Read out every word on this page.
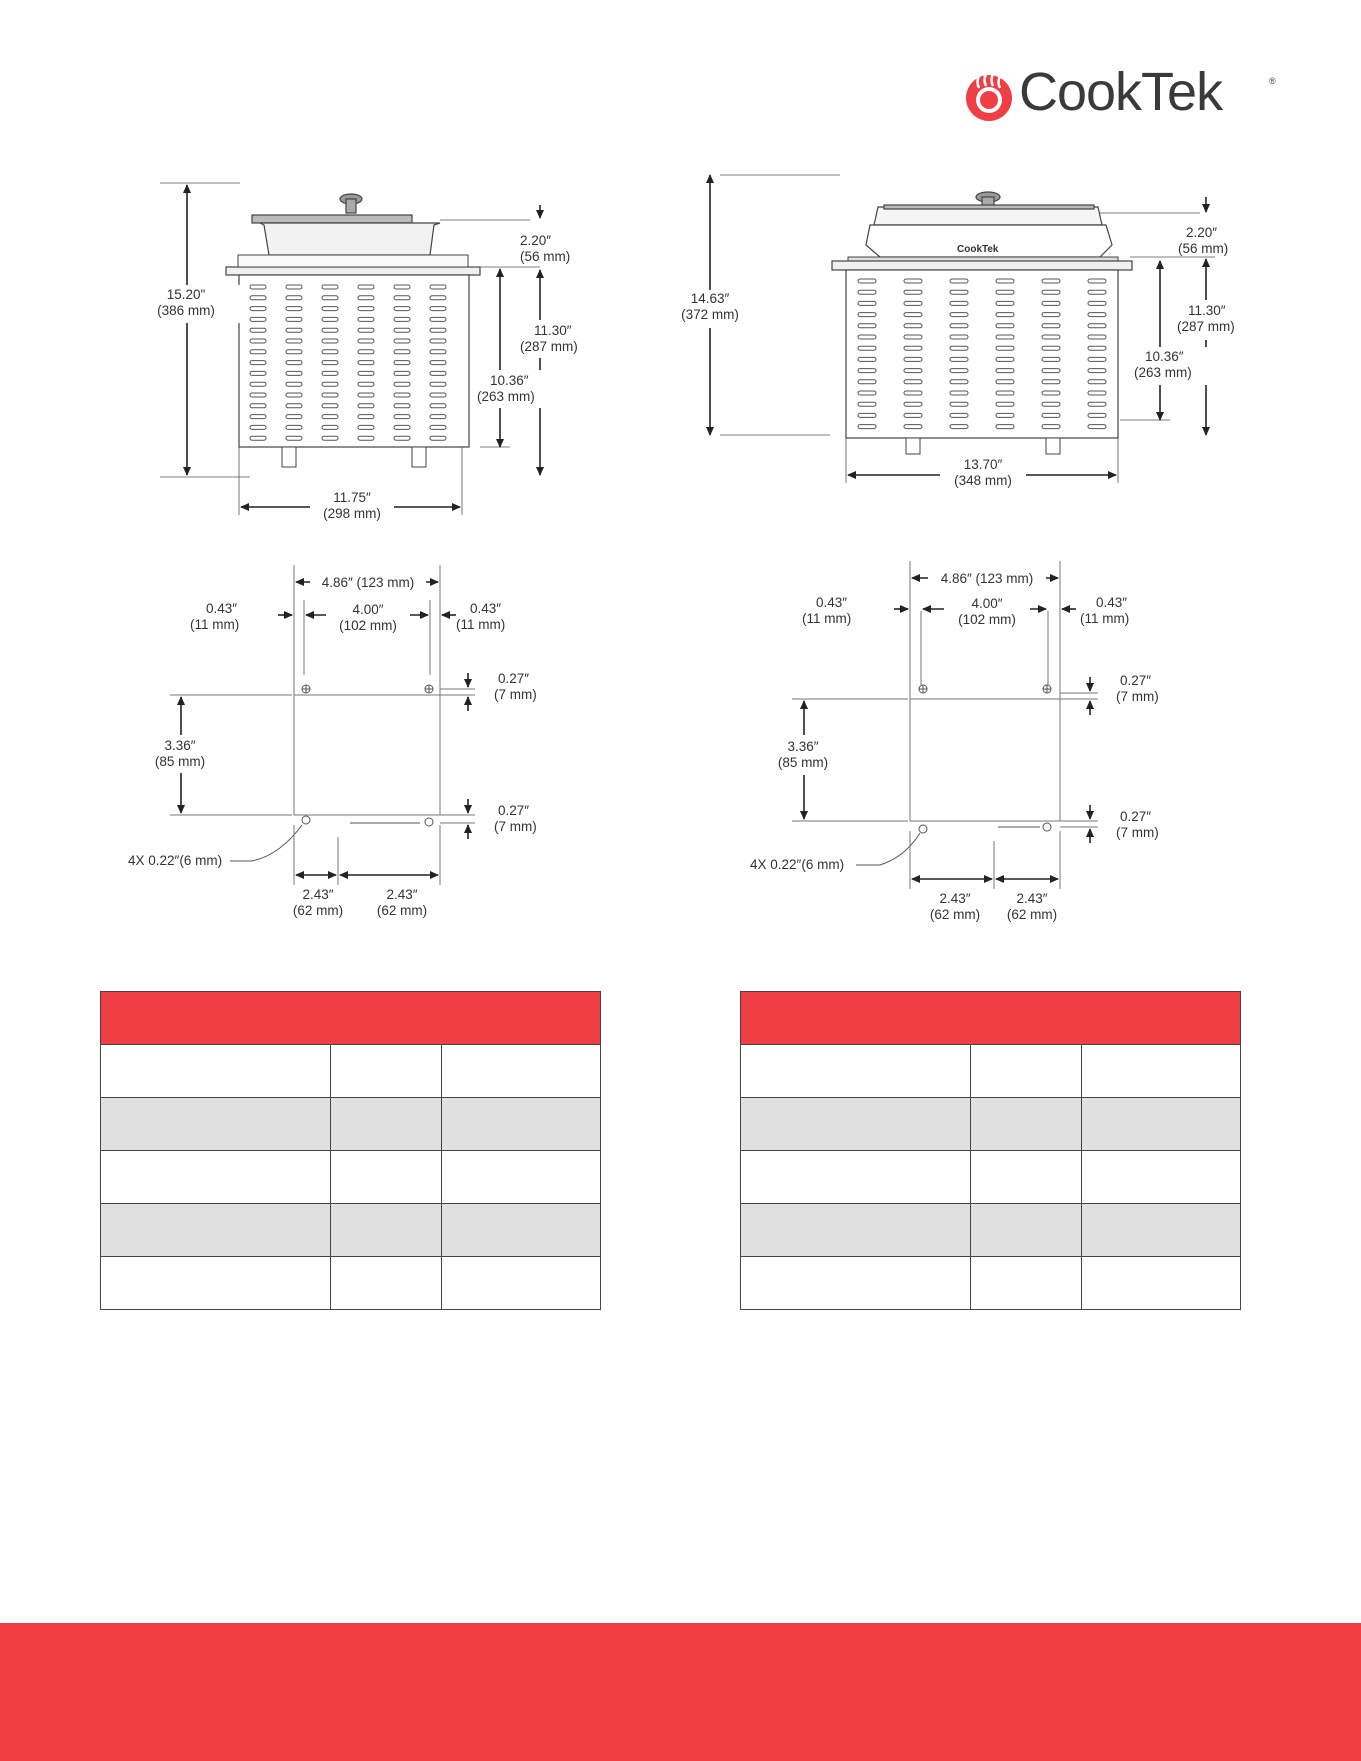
CookTek	®
15.20"
(386 mm)
2.20″
(56 mm)
11.30″
(287 mm)
10.36″
(263 mm)
11.75″
(298 mm)
CookTek
14.63″
(372 mm)
2.20″
(56 mm)
11.30″
(287 mm)
10.36″
(263 mm)
13.70″
(348 mm)
4.86″ (123 mm)
0.43″
(11 mm)
4.00″
(102 mm)
0.43″
(11 mm)
0.27″
(7 mm)
3.36″
(85 mm)
0.27″
(7 mm)
4X 0.22″(6 mm)
2.43″
(62 mm)
2.43″
(62 mm)
4.86″ (123 mm)
0.43″
(11 mm)
4.00″
(102 mm)
0.43″
(11 mm)
0.27″
(7 mm)
3.36″
(85 mm)
0.27″
(7 mm)
4X 0.22″(6 mm)
2.43″
(62 mm)
2.43″
(62 mm)
